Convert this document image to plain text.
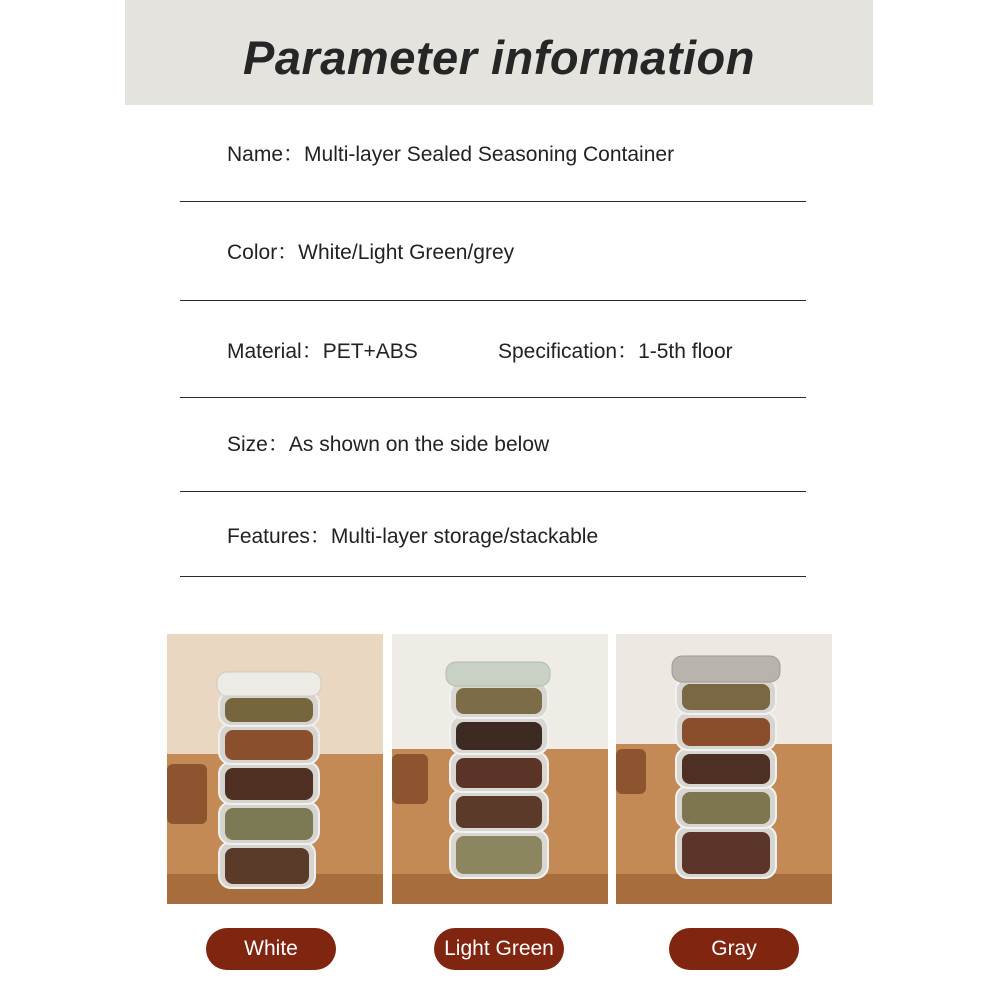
Parameter information
Name：Multi-layer Sealed Seasoning Container
Color：White/Light Green/grey
Material：PET+ABS	Specification：1-5th floor
Size：As shown on the side below
Features：Multi-layer storage/stackable
White	Light Green	Gray
